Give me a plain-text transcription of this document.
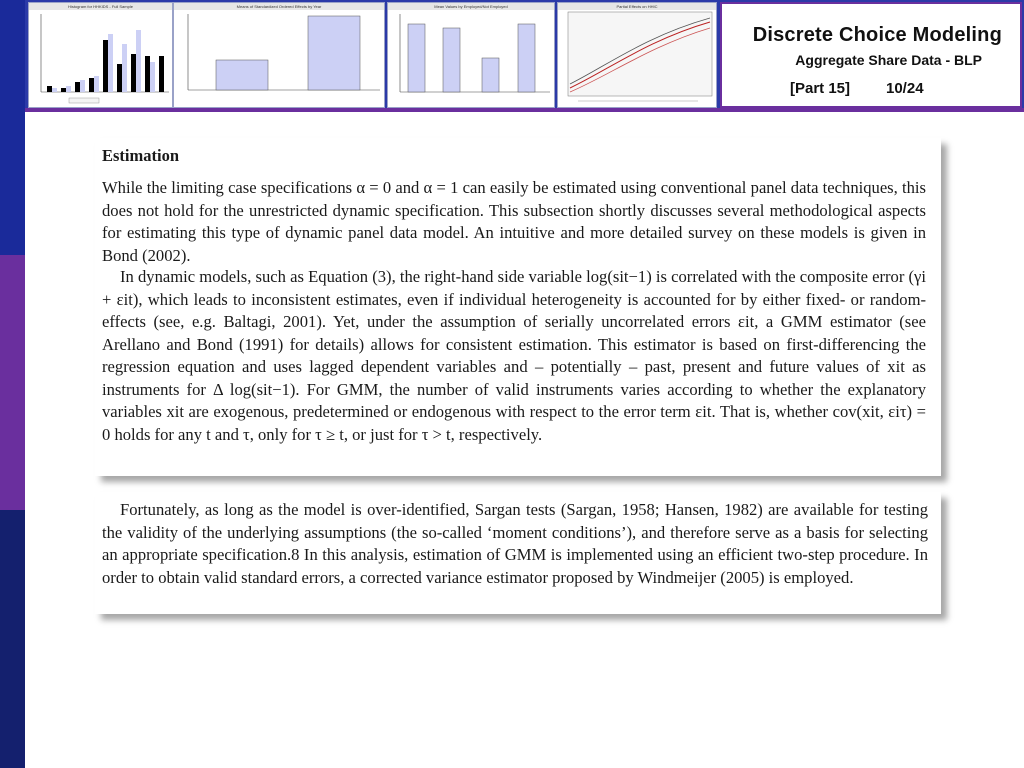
Histogram for HHKIDS - Full Sample	Means of Standardized Ordered Effects by Year	Mean Values by Employed/Not Employed	Partial Effects on HHIC
Discrete Choice Modeling
Aggregate Share Data - BLP
[Part 15] 10/24
Estimation
While the limiting case specifications α = 0 and α = 1 can easily be estimated using conventional panel data techniques, this does not hold for the unrestricted dynamic specification. This subsection shortly discusses several methodological aspects for estimating this type of dynamic panel data model. An intuitive and more detailed survey on these models is given in Bond (2002).
In dynamic models, such as Equation (3), the right-hand side variable log(sit−1) is correlated with the composite error (γi + εit), which leads to inconsistent estimates, even if individual heterogeneity is accounted for by either fixed- or random-effects (see, e.g. Baltagi, 2001). Yet, under the assumption of serially uncorrelated errors εit, a GMM estimator (see Arellano and Bond (1991) for details) allows for consistent estimation. This estimator is based on first-differencing the regression equation and uses lagged dependent variables and – potentially – past, present and future values of xit as instruments for Δ log(sit−1). For GMM, the number of valid instruments varies according to whether the explanatory variables xit are exogenous, predetermined or endogenous with respect to the error term εit. That is, whether cov(xit, εiτ) = 0 holds for any t and τ, only for τ ≥ t, or just for τ > t, respectively.
Fortunately, as long as the model is over-identified, Sargan tests (Sargan, 1958; Hansen, 1982) are available for testing the validity of the underlying assumptions (the so-called ‘moment conditions’), and therefore serve as a basis for selecting an appropriate specification.8 In this analysis, estimation of GMM is implemented using an efficient two-step procedure. In order to obtain valid standard errors, a corrected variance estimator proposed by Windmeijer (2005) is employed.
